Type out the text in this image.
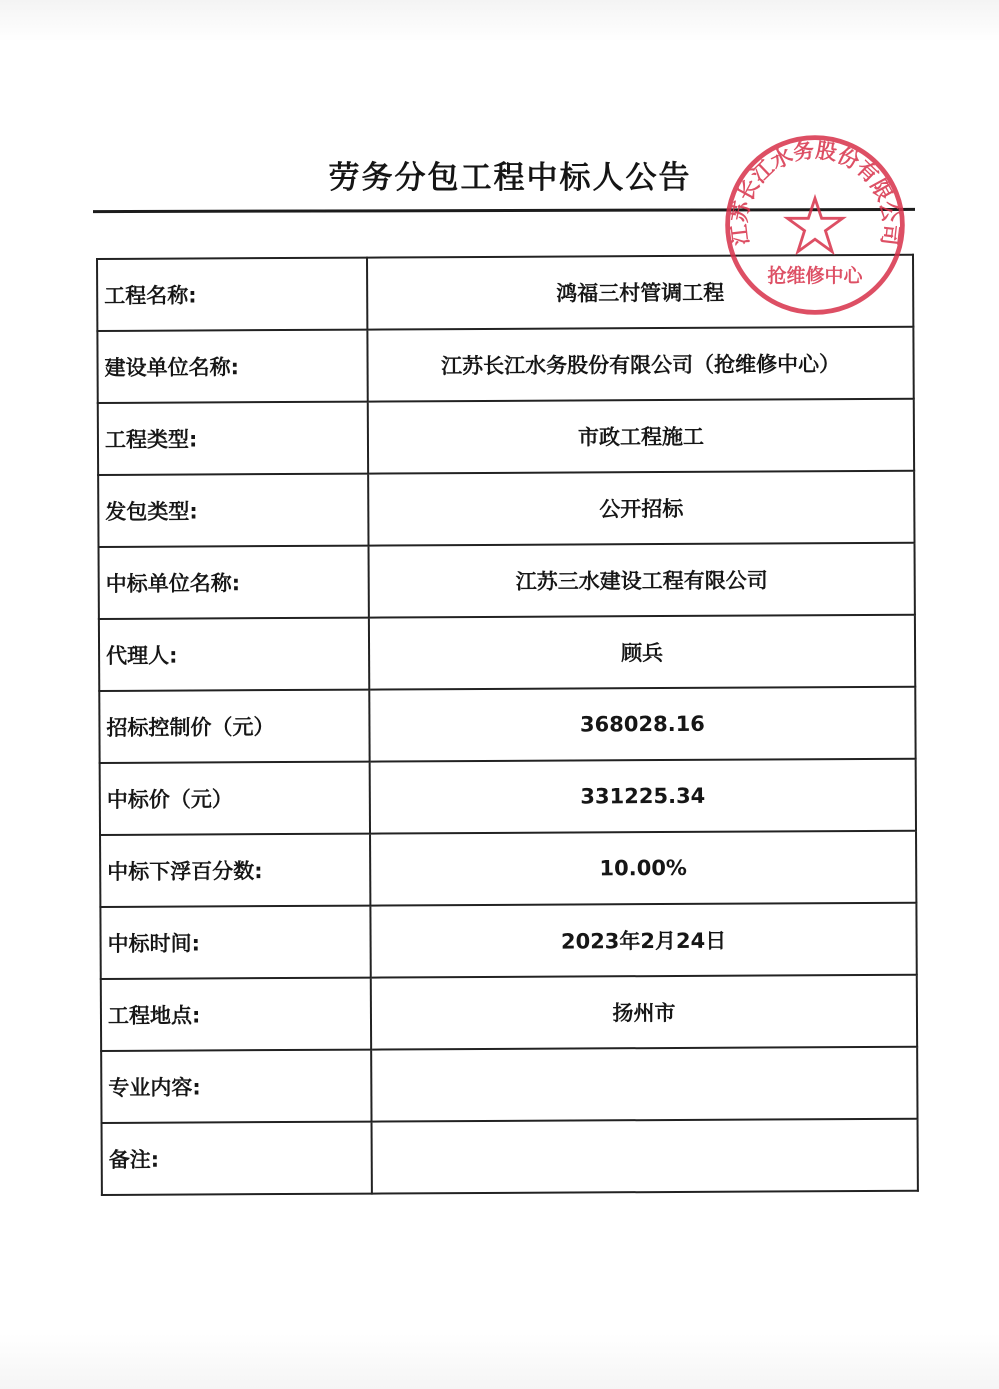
劳务分包工程中标人公告
工程名称:	鸿福三村管调工程
建设单位名称:	江苏长江水务股份有限公司（抢维修中心）
工程类型:	市政工程施工
发包类型:	公开招标
中标单位名称:	江苏三水建设工程有限公司
代理人:	顾兵
招标控制价（元）	368028.16
中标价（元）	331225.34
中标下浮百分数:	10.00%
中标时间:	2023年2月24日
工程地点:	扬州市
专业内容:	
备注:	
江苏长江水务股份有限公司
抢维修中心
